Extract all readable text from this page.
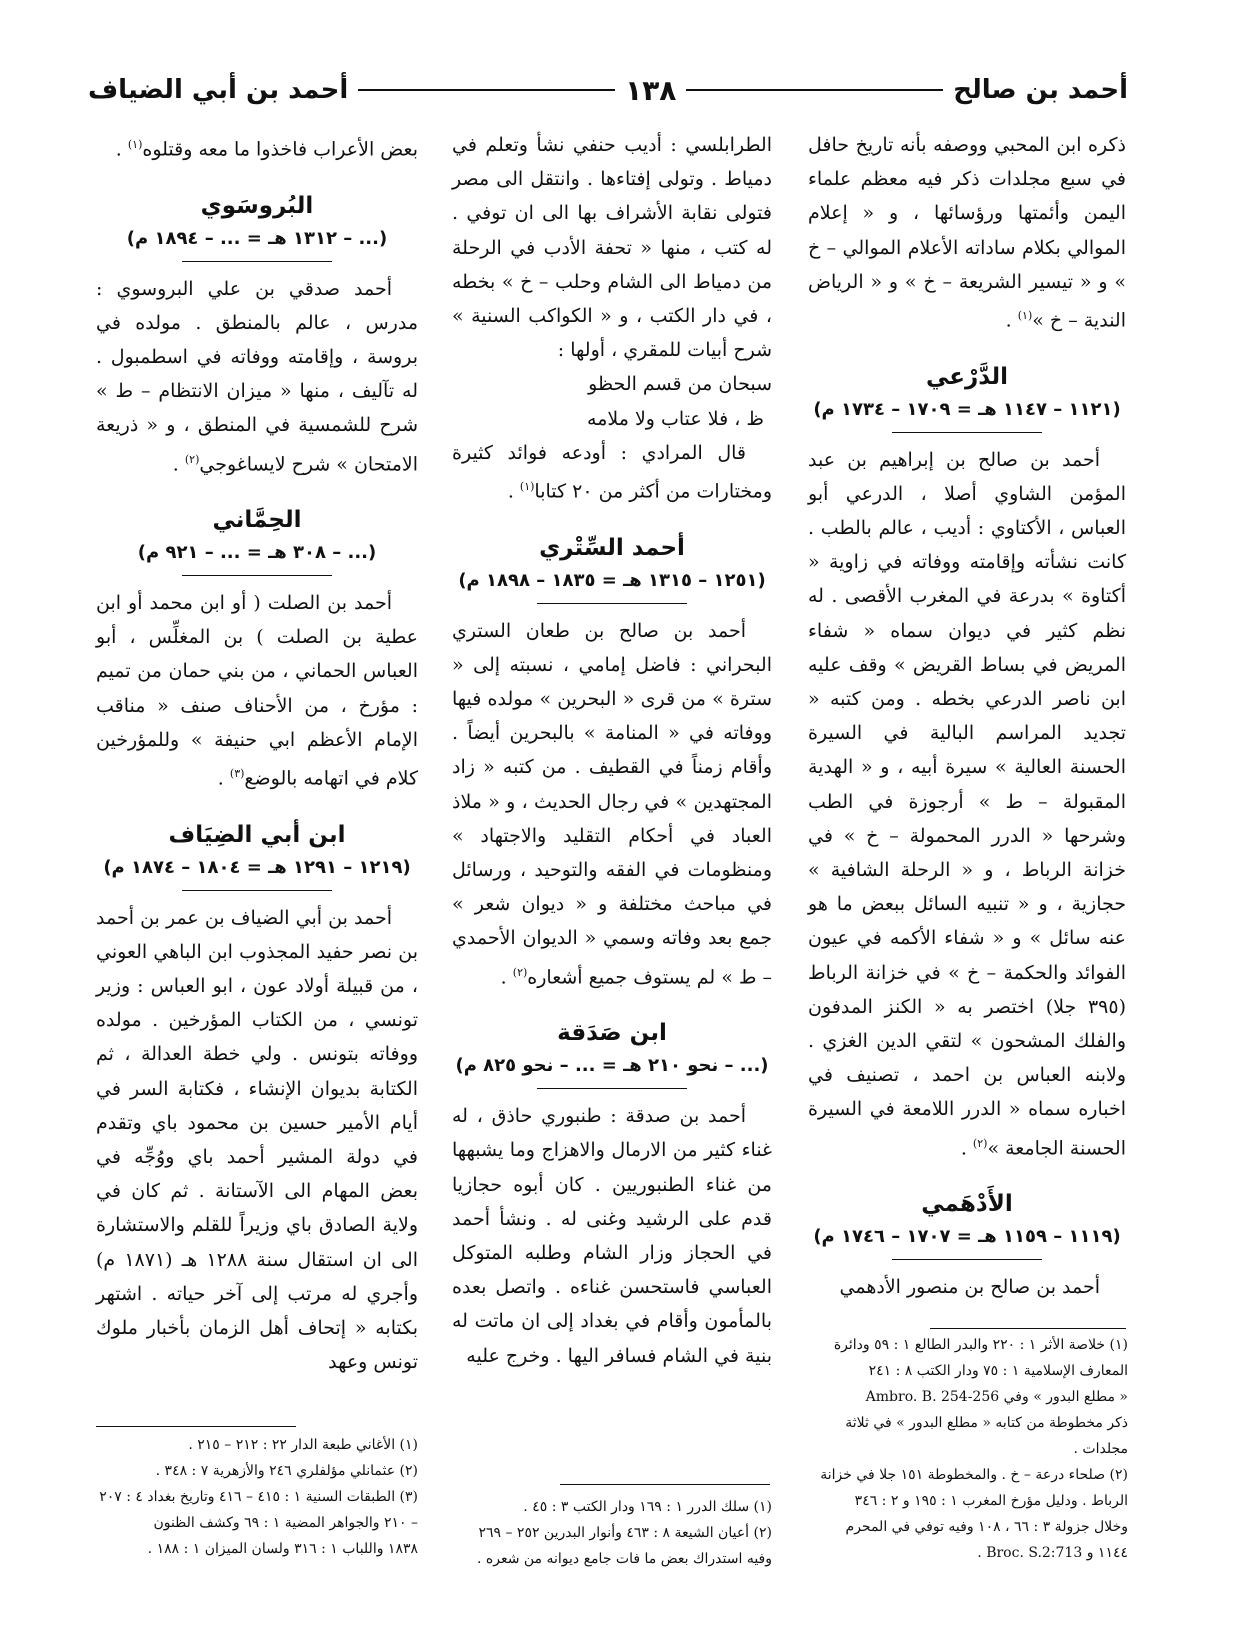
أحمد بن صالح
١٣٨
أحمد بن أبي الضياف

ذكره ابن المحبي ووصفه بأنه تاريخ حافل في سبع مجلدات ذكر فيه معظم علماء اليمن وأئمتها ورؤسائها ، و « إعلام الموالي بكلام ساداته الأعلام الموالي – خ » و « تيسير الشريعة – خ » و « الرياض الندية – خ »$^{(١)}$ .

الدَّرْعي
(١١٢١ – ١١٤٧ هـ = ١٧٠٩ – ١٧٣٤ م)

أحمد بن صالح بن إبراهيم بن عبد المؤمن الشاوي أصلا ، الدرعي أبو العباس ، الأكتاوي : أديب ، عالم بالطب . كانت نشأته وإقامته ووفاته في زاوية « أكتاوة » بدرعة في المغرب الأقصى . له نظم كثير في ديوان سماه « شفاء المريض في بساط القريض » وقف عليه ابن ناصر الدرعي بخطه . ومن كتبه « تجديد المراسم البالية في السيرة الحسنة العالية » سيرة أبيه ، و « الهدية المقبولة – ط » أرجوزة في الطب وشرحها « الدرر المحمولة – خ » في خزانة الرباط ، و « الرحلة الشافية » حجازية ، و « تنبيه السائل ببعض ما هو عنه سائل » و « شفاء الأكمه في عيون الفوائد والحكمة – خ » في خزانة الرباط (٣٩٥ جلا) اختصر به « الكنز المدفون والفلك المشحون » لتقي الدين الغزي . ولابنه العباس بن احمد ، تصنيف في اخباره سماه « الدرر اللامعة في السيرة الحسنة الجامعة »$^{(٢)}$ .

الأَدْهَمي
(١١١٩ – ١١٥٩ هـ = ١٧٠٧ – ١٧٤٦ م)

أحمد بن صالح بن منصور الأدهمي

(١) خلاصة الأثر ١ : ٢٢٠ والبدر الطالع ١ : ٥٩ ودائرة

المعارف الإسلامية ١ : ٧٥ ودار الكتب ٨ : ٢٤١

« مطلع البدور » وفي Ambro. B. 254-256

ذكر مخطوطة من كتابه « مطلع البدور » في ثلاثة

مجلدات .

(٢) صلحاء درعة – خ . والمخطوطة ١٥١ جلا في خزانة

الرباط . ودليل مؤرخ المغرب ١ : ١٩٥ و ٢ : ٣٤٦

وخلال جزولة ٣ : ٦٦ ، ١٠٨ وفيه توفي في المحرم

١١٤٤ و Broc. S.2:713 .

الطرابلسي : أديب حنفي نشأ وتعلم في دمياط . وتولى إفتاءها . وانتقل الى مصر فتولى نقابة الأشراف بها الى ان توفي . له كتب ، منها « تحفة الأدب في الرحلة من دمياط الى الشام وحلب – خ » بخطه ، في دار الكتب ، و « الكواكب السنية » شرح أبيات للمقري ، أولها :

سبحان من قسم الحظو

ظ ، فلا عتاب ولا ملامه

قال المرادي : أودعه فوائد كثيرة ومختارات من أكثر من ٢٠ كتابا$^{(١)}$ .

أحمد السِّتْري
(١٢٥١ – ١٣١٥ هـ = ١٨٣٥ – ١٨٩٨ م)

أحمد بن صالح بن طعان الستري البحراني : فاضل إمامي ، نسبته إلى « سترة » من قرى « البحرين » مولده فيها ووفاته في « المنامة » بالبحرين أيضاً . وأقام زمناً في القطيف . من كتبه « زاد المجتهدين » في رجال الحديث ، و « ملاذ العباد في أحكام التقليد والاجتهاد » ومنظومات في الفقه والتوحيد ، ورسائل في مباحث مختلفة و « ديوان شعر » جمع بعد وفاته وسمي « الديوان الأحمدي – ط » لم يستوف جميع أشعاره$^{(٢)}$ .

ابن صَدَقة
(... – نحو ٢١٠ هـ = ... – نحو ٨٢٥ م)

أحمد بن صدقة : طنبوري حاذق ، له غناء كثير من الارمال والاهزاج وما يشبهها من غناء الطنبوريين . كان أبوه حجازيا قدم على الرشيد وغنى له . ونشأ أحمد في الحجاز وزار الشام وطلبه المتوكل العباسي فاستحسن غناءه . واتصل بعده بالمأمون وأقام في بغداد إلى ان ماتت له بنية في الشام فسافر اليها . وخرج عليه

(١) سلك الدرر ١ : ١٦٩ ودار الكتب ٣ : ٤٥ .

(٢) أعيان الشيعة ٨ : ٤٦٣ وأنوار البدرين ٢٥٢ – ٢٦٩

وفيه استدراك بعض ما فات جامع ديوانه من شعره .

بعض الأعراب فاخذوا ما معه وقتلوه$^{(١)}$ .

البُروسَوي
(... – ١٣١٢ هـ = ... – ١٨٩٤ م)

أحمد صدقي بن علي البروسوي : مدرس ، عالم بالمنطق . مولده في بروسة ، وإقامته ووفاته في اسطمبول . له تآليف ، منها « ميزان الانتظام – ط » شرح للشمسية في المنطق ، و « ذريعة الامتحان » شرح لايساغوجي$^{(٢)}$ .

الحِمَّاني
(... – ٣٠٨ هـ = ... – ٩٢١ م)

أحمد بن الصلت ( أو ابن محمد أو ابن عطية بن الصلت ) بن المغلِّس ، أبو العباس الحماني ، من بني حمان من تميم : مؤرخ ، من الأحناف صنف « مناقب الإمام الأعظم ابي حنيفة » وللمؤرخين كلام في اتهامه بالوضع$^{(٣)}$ .

ابن أبي الضِيَاف
(١٢١٩ – ١٢٩١ هـ = ١٨٠٤ – ١٨٧٤ م)

أحمد بن أبي الضياف بن عمر بن أحمد بن نصر حفيد المجذوب ابن الباهي العوني ، من قبيلة أولاد عون ، ابو العباس : وزير تونسي ، من الكتاب المؤرخين . مولده ووفاته بتونس . ولي خطة العدالة ، ثم الكتابة بديوان الإنشاء ، فكتابة السر في أيام الأمير حسين بن محمود باي وتقدم في دولة المشير أحمد باي ووُجِّه في بعض المهام الى الآستانة . ثم كان في ولاية الصادق باي وزيراً للقلم والاستشارة الى ان استقال سنة ١٢٨٨ هـ (١٨٧١ م) وأجري له مرتب إلى آخر حياته . اشتهر بكتابه « إتحاف أهل الزمان بأخبار ملوك تونس وعهد

(١) الأغاني طبعة الدار ٢٢ : ٢١٢ – ٢١٥ .

(٢) عثمانلي مؤلفلري ٢٤٦ والأزهرية ٧ : ٣٤٨ .

(٣) الطبقات السنية ١ : ٤١٥ – ٤١٦ وتاريخ بغداد ٤ : ٢٠٧

– ٢١٠ والجواهر المضية ١ : ٦٩ وكشف الظنون

١٨٣٨ واللباب ١ : ٣١٦ ولسان الميزان ١ : ١٨٨ .
